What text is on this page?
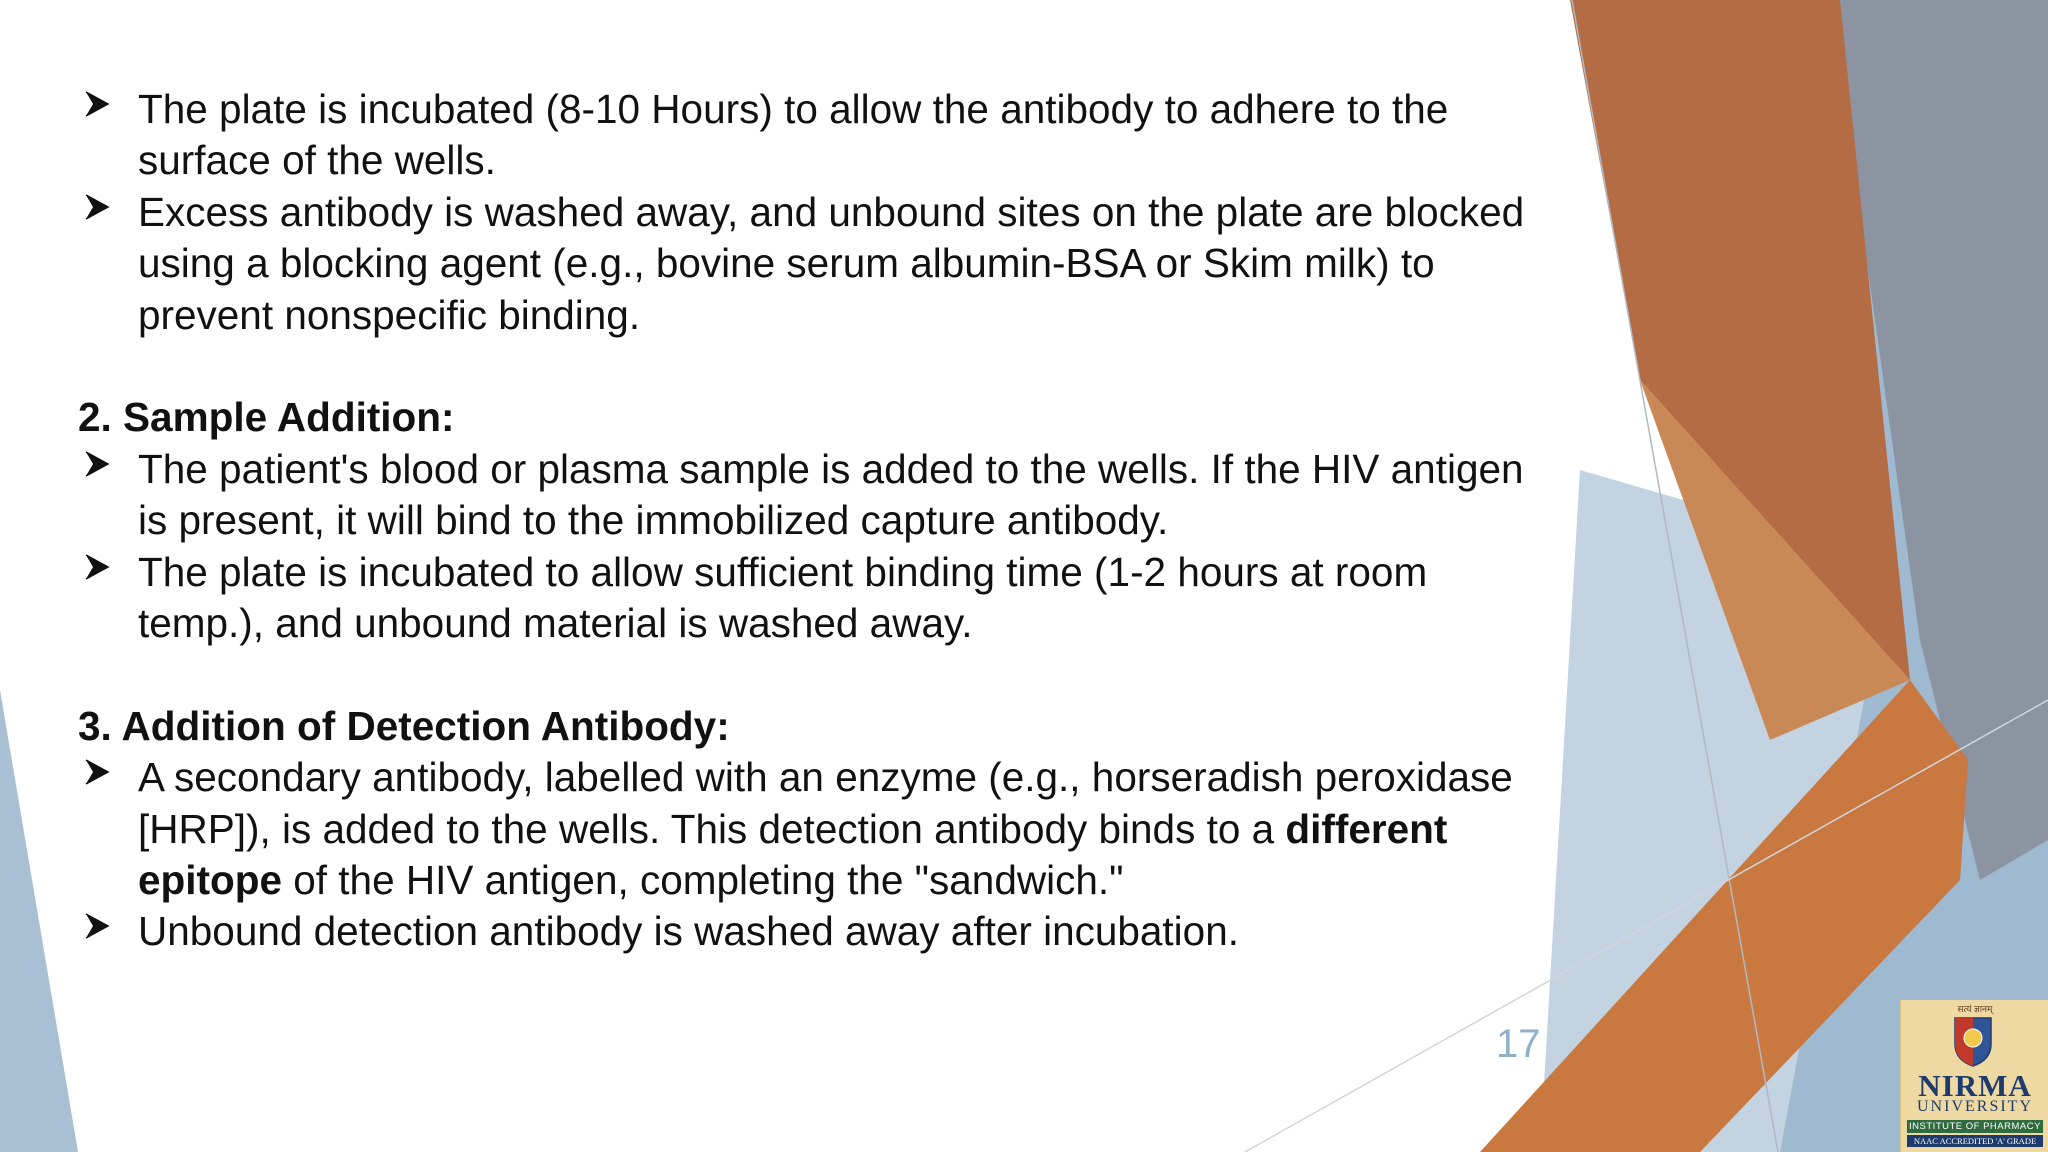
The plate is incubated (8-10 Hours) to allow the antibody to adhere to the surface of the wells.
Excess antibody is washed away, and unbound sites on the plate are blocked using a blocking agent (e.g., bovine serum albumin-BSA or Skim milk) to prevent nonspecific binding.
2. Sample Addition:
The patient's blood or plasma sample is added to the wells. If the HIV antigen is present, it will bind to the immobilized capture antibody.
The plate is incubated to allow sufficient binding time (1-2 hours at room temp.), and unbound material is washed away.
3. Addition of Detection Antibody:
A secondary antibody, labelled with an enzyme (e.g., horseradish peroxidase [HRP]), is added to the wells. This detection antibody binds to a different epitope of the HIV antigen, completing the "sandwich."
Unbound detection antibody is washed away after incubation.
17
सत्यं ज्ञानम्
NIRMA
UNIVERSITY
INSTITUTE OF PHARMACY
NAAC ACCREDITED 'A' GRADE
